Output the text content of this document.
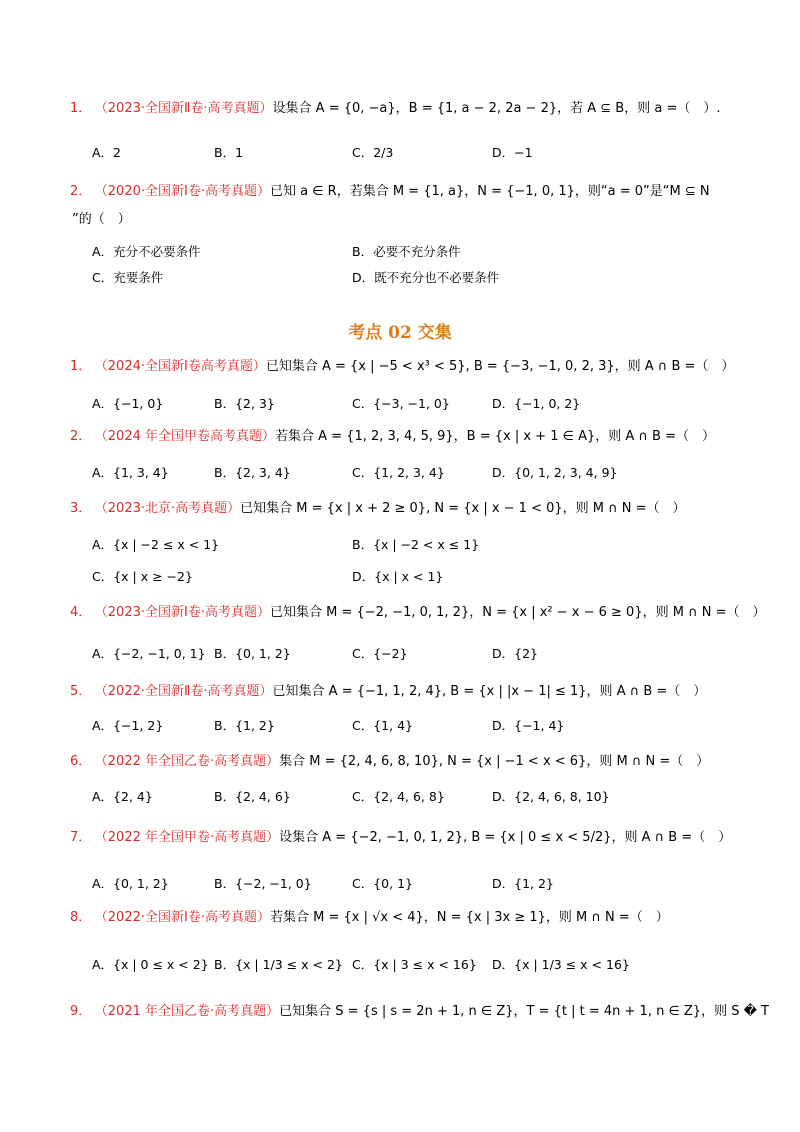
1． （2023·全国新Ⅱ卷·高考真题）设集合 A = {0, −a}，B = {1, a − 2, 2a − 2}，若 A ⊆ B，则 a =（　）.
A．2	B．1	C．2/3	D．−1
2． （2020·全国新Ⅰ卷·高考真题）已知 a ∈ R，若集合 M = {1, a}，N = {−1, 0, 1}，则“a = 0”是“M ⊆ N
”的（　）
A．充分不必要条件	B．必要不充分条件
C．充要条件	D．既不充分也不必要条件
考点 02 交集
1． （2024·全国新Ⅰ卷高考真题）已知集合 A = {x | −5 < x³ < 5}, B = {−3, −1, 0, 2, 3}，则 A ∩ B =（　）
A．{−1, 0}	B．{2, 3}	C．{−3, −1, 0}	D．{−1, 0, 2}
2． （2024 年全国甲卷高考真题）若集合 A = {1, 2, 3, 4, 5, 9}，B = {x | x + 1 ∈ A}，则 A ∩ B =（　）
A．{1, 3, 4}	B．{2, 3, 4}	C．{1, 2, 3, 4}	D．{0, 1, 2, 3, 4, 9}
3． （2023·北京·高考真题）已知集合 M = {x | x + 2 ≥ 0}, N = {x | x − 1 < 0}，则 M ∩ N =（　）
A．{x | −2 ≤ x < 1}	B．{x | −2 < x ≤ 1}
C．{x | x ≥ −2}	D．{x | x < 1}
4． （2023·全国新Ⅰ卷·高考真题）已知集合 M = {−2, −1, 0, 1, 2}，N = {x | x² − x − 6 ≥ 0}，则 M ∩ N =（　）
A．{−2, −1, 0, 1} B．{0, 1, 2}	C．{−2}	D．{2}
5． （2022·全国新Ⅱ卷·高考真题）已知集合 A = {−1, 1, 2, 4}, B = {x | |x − 1| ≤ 1}，则 A ∩ B =（　）
A．{−1, 2}	B．{1, 2}	C．{1, 4}	D．{−1, 4}
6． （2022 年全国乙卷·高考真题）集合 M = {2, 4, 6, 8, 10}, N = {x | −1 < x < 6}，则 M ∩ N =（　）
A．{2, 4}	B．{2, 4, 6}	C．{2, 4, 6, 8}	D．{2, 4, 6, 8, 10}
7． （2022 年全国甲卷·高考真题）设集合 A = {−2, −1, 0, 1, 2}, B = {x | 0 ≤ x < 5/2}，则 A ∩ B =（　）
A．{0, 1, 2}	B．{−2, −1, 0}	C．{0, 1}	D．{1, 2}
8． （2022·全国新Ⅰ卷·高考真题）若集合 M = {x | √x < 4}，N = {x | 3x ≥ 1}，则 M ∩ N =（　）
A．{x | 0 ≤ x < 2} B．{x | 1/3 ≤ x < 2} C．{x | 3 ≤ x < 16} D．{x | 1/3 ≤ x < 16}
9． （2021 年全国乙卷·高考真题）已知集合 S = {s | s = 2n + 1, n ∈ Z}，T = {t | t = 4n + 1, n ∈ Z}，则 S � T
